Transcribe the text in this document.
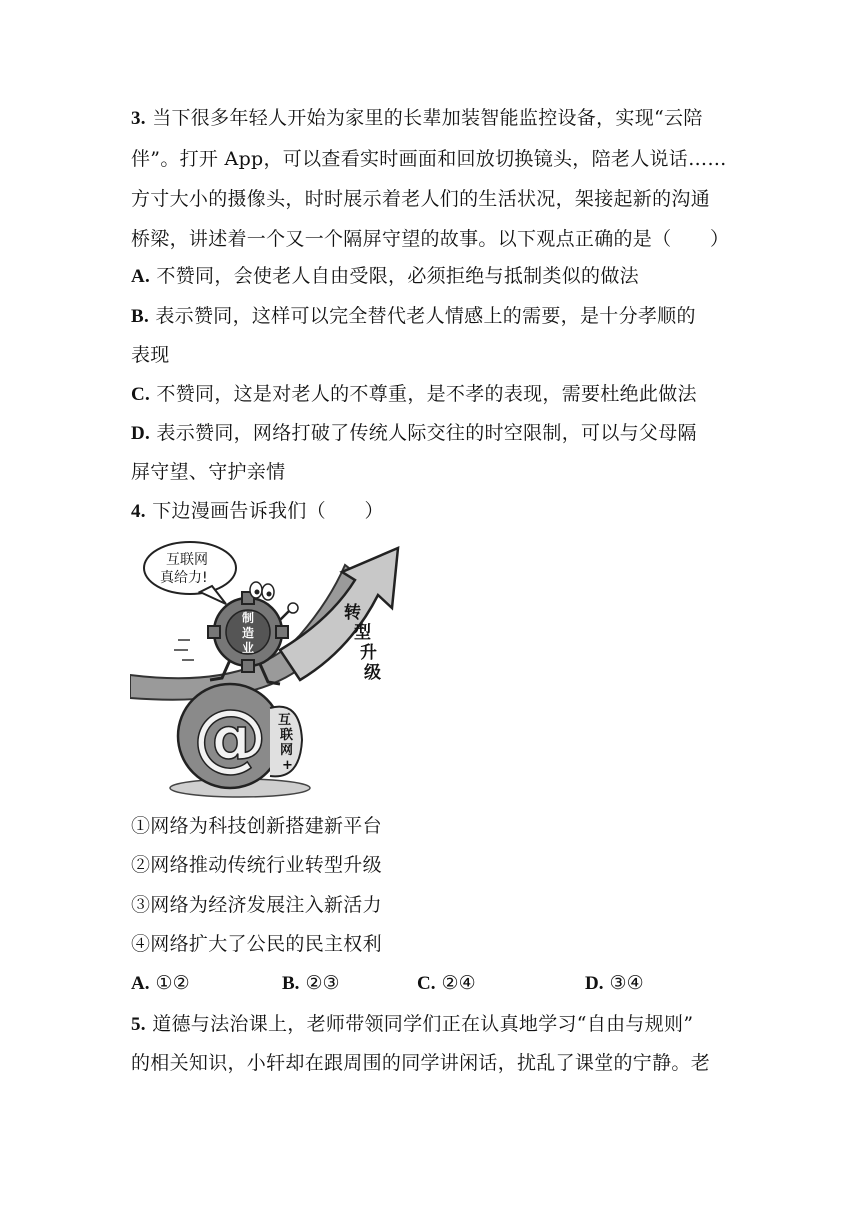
3. 当下很多年轻人开始为家里的长辈加装智能监控设备，实现“云陪
伴”。打开 App，可以查看实时画面和回放切换镜头，陪老人说话……
方寸大小的摄像头，时时展示着老人们的生活状况，架接起新的沟通
桥梁，讲述着一个又一个隔屏守望的故事。以下观点正确的是（　　）
A. 不赞同，会使老人自由受限，必须拒绝与抵制类似的做法
B. 表示赞同，这样可以完全替代老人情感上的需要，是十分孝顺的
表现
C. 不赞同，这是对老人的不尊重，是不孝的表现，需要杜绝此做法
D. 表示赞同，网络打破了传统人际交往的时空限制，可以与父母隔
屏守望、守护亲情
4. 下边漫画告诉我们（　　）
转
型
升
级
互联网
真给力!
制
造
业
@ 互
联
网
+
①网络为科技创新搭建新平台
②网络推动传统行业转型升级
③网络为经济发展注入新活力
④网络扩大了公民的民主权利
A. ①②	B. ②③	C. ②④	D. ③④
5. 道德与法治课上，老师带领同学们正在认真地学习“自由与规则”
的相关知识，小轩却在跟周围的同学讲闲话，扰乱了课堂的宁静。老
